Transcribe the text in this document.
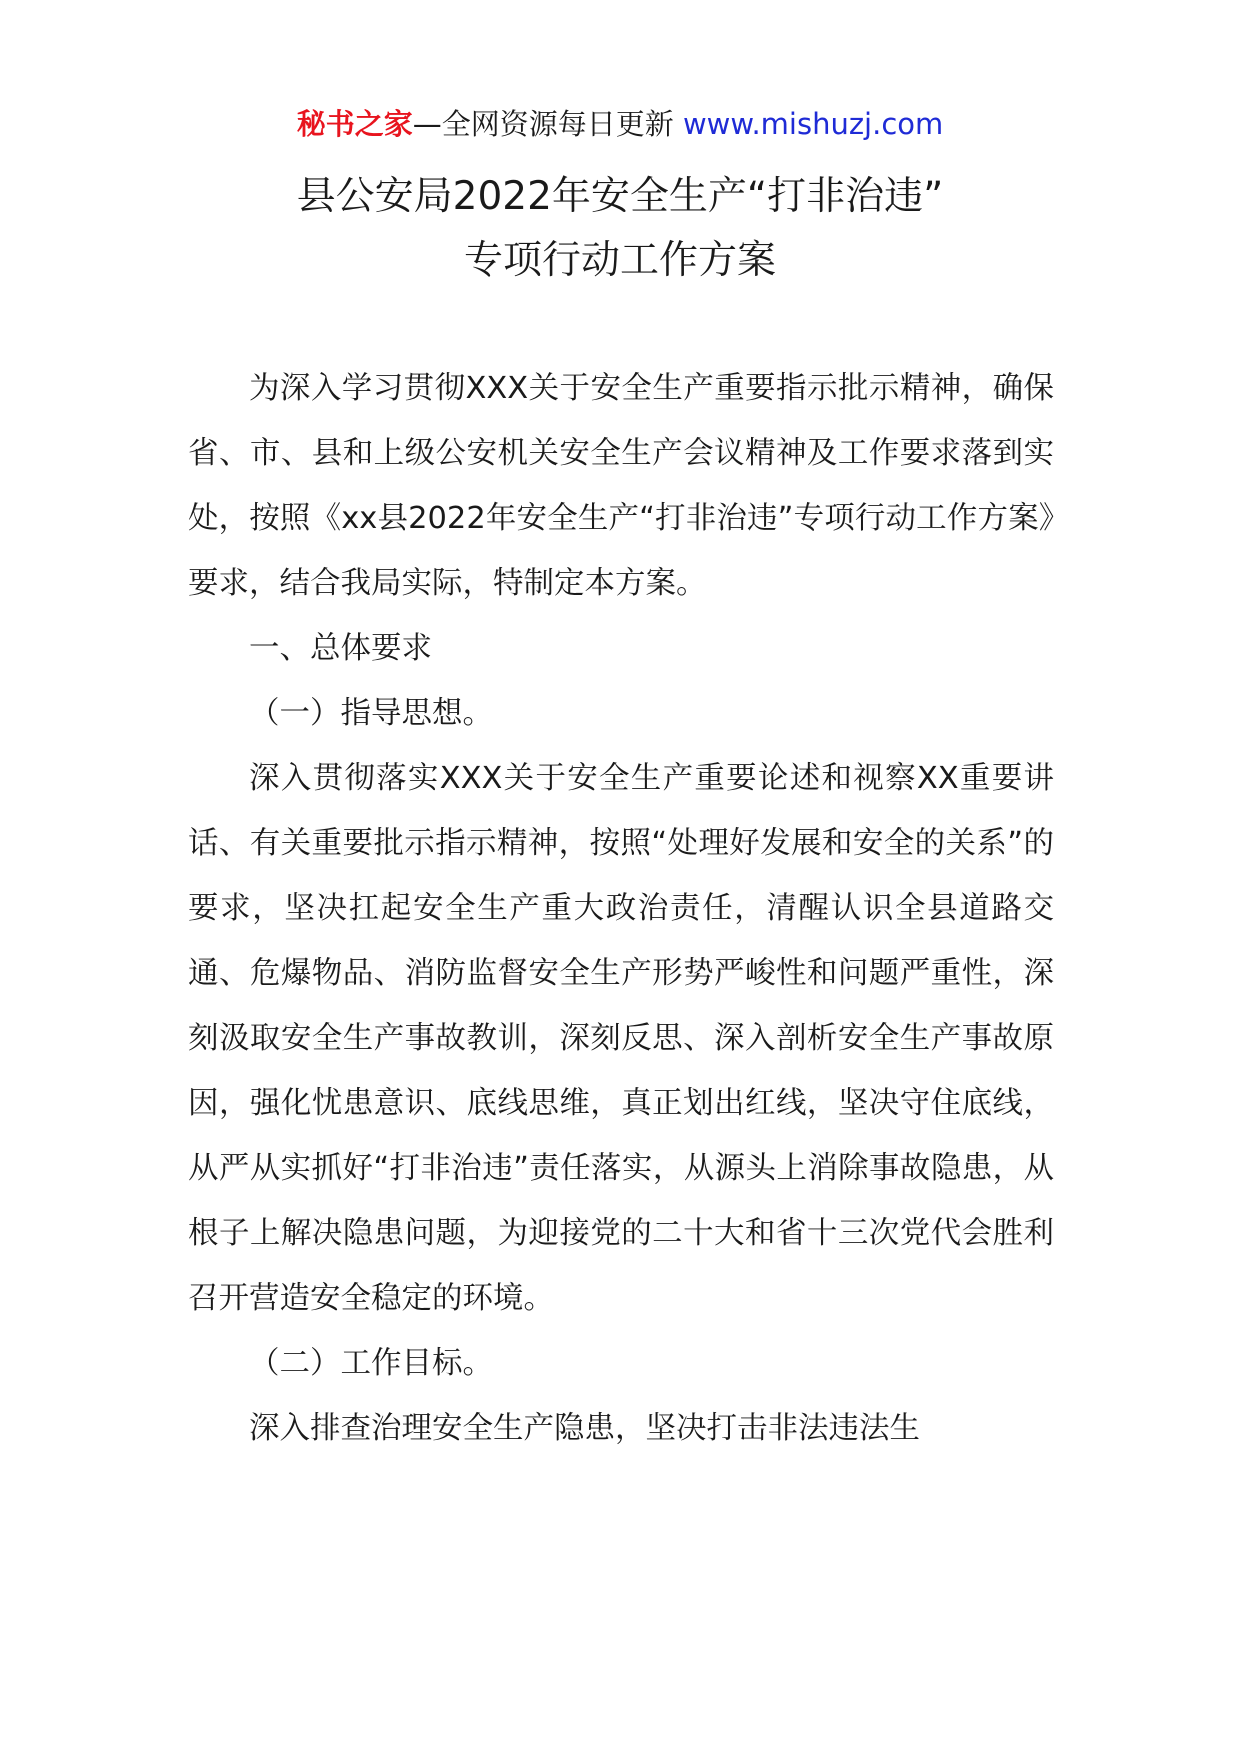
秘书之家—全网资源每日更新 www.mishuzj.com
县公安局2022年安全生产“打非治违”
专项行动工作方案

为深入学习贯彻XXX关于安全生产重要指示批示精神，确保省、市、县和上级公安机关安全生产会议精神及工作要求落到实处，按照《xx县2022年安全生产“打非治违”专项行动工作方案》要求，结合我局实际，特制定本方案。

一、总体要求

（一）指导思想。

深入贯彻落实XXX关于安全生产重要论述和视察XX重要讲话、有关重要批示指示精神，按照“处理好发展和安全的关系”的要求，坚决扛起安全生产重大政治责任，清醒认识全县道路交通、危爆物品、消防监督安全生产形势严峻性和问题严重性，深刻汲取安全生产事故教训，深刻反思、深入剖析安全生产事故原因，强化忧患意识、底线思维，真正划出红线，坚决守住底线，从严从实抓好“打非治违”责任落实，从源头上消除事故隐患，从根子上解决隐患问题，为迎接党的二十大和省十三次党代会胜利召开营造安全稳定的环境。

（二）工作目标。

深入排查治理安全生产隐患，坚决打击非法违法生
